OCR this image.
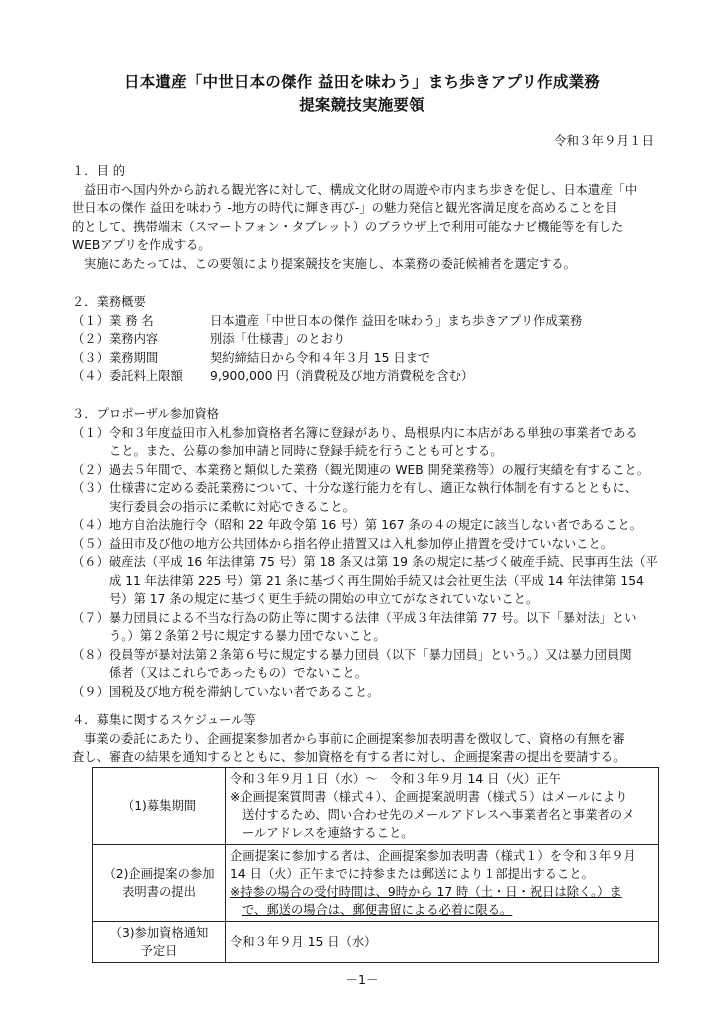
日本遺産「中世日本の傑作 益田を味わう」まち歩きアプリ作成業務
提案競技実施要領
令和３年９月１日
１．目 的
益田市へ国内外から訪れる観光客に対して、構成文化財の周遊や市内まち歩きを促し、日本遺産「中
世日本の傑作 益田を味わう -地方の時代に輝き再び-」の魅力発信と観光客満足度を高めることを目
的として、携帯端末（スマートフォン・タブレット）のブラウザ上で利用可能なナビ機能等を有した
WEBアプリを作成する。
実施にあたっては、この要領により提案競技を実施し、本業務の委託候補者を選定する。
２．業務概要
（１） 業 務 名	日本遺産「中世日本の傑作 益田を味わう」まち歩きアプリ作成業務
（２） 業務内容	別添「仕様書」のとおり
（３） 業務期間	契約締結日から令和４年３月 15 日まで
（４） 委託料上限額 9,900,000 円（消費税及び地方消費税を含む）
３．プロポーザル参加資格
（１）令和３年度益田市入札参加資格者名簿に登録があり、島根県内に本店がある単独の事業者である
こと。また、公募の参加申請と同時に登録手続を行うことも可とする。
（２）過去５年間で、本業務と類似した業務（観光関連の WEB 開発業務等）の履行実績を有すること。
（３）仕様書に定める委託業務について、十分な遂行能力を有し、適正な執行体制を有するとともに、
実行委員会の指示に柔軟に対応できること。
（４）地方自治法施行令（昭和 22 年政令第 16 号）第 167 条の４の規定に該当しない者であること。
（５）益田市及び他の地方公共団体から指名停止措置又は入札参加停止措置を受けていないこと。
（６）破産法（平成 16 年法律第 75 号）第 18 条又は第 19 条の規定に基づく破産手続、民事再生法（平
成 11 年法律第 225 号）第 21 条に基づく再生開始手続又は会社更生法（平成 14 年法律第 154
号）第 17 条の規定に基づく更生手続の開始の申立てがなされていないこと。
（７）暴力団員による不当な行為の防止等に関する法律（平成３年法律第 77 号。以下「暴対法」とい
う。）第２条第２号に規定する暴力団でないこと。
（８）役員等が暴対法第２条第６号に規定する暴力団員（以下「暴力団員」という。）又は暴力団員関
係者（又はこれらであったもの）でないこと。
（９）国税及び地方税を滞納していない者であること。
４．募集に関するスケジュール等
事業の委託にあたり、企画提案参加者から事前に企画提案参加表明書を徴収して、資格の有無を審
査し、審査の結果を通知するとともに、参加資格を有する者に対し、企画提案書の提出を要請する。
（1)募集期間	令和３年９月１日（水）～　令和３年９月 14 日（火）正午
※企画提案質問書（様式４）、企画提案説明書（様式５）はメールにより
送付するため、問い合わせ先のメールアドレスへ事業者名と事業者のメ
ールアドレスを連絡すること。

（2)企画提案の参加
表明書の提出	企画提案に参加する者は、企画提案参加表明書（様式１）を令和３年９月
14 日（火）正午までに持参または郵送により１部提出すること。
※持参の場合の受付時間は、9時から 17 時（土・日・祝日は除く。）ま
で、郵送の場合は、郵便書留による必着に限る。

（3)参加資格通知
予定日	令和３年９月 15 日（水）
－1－
